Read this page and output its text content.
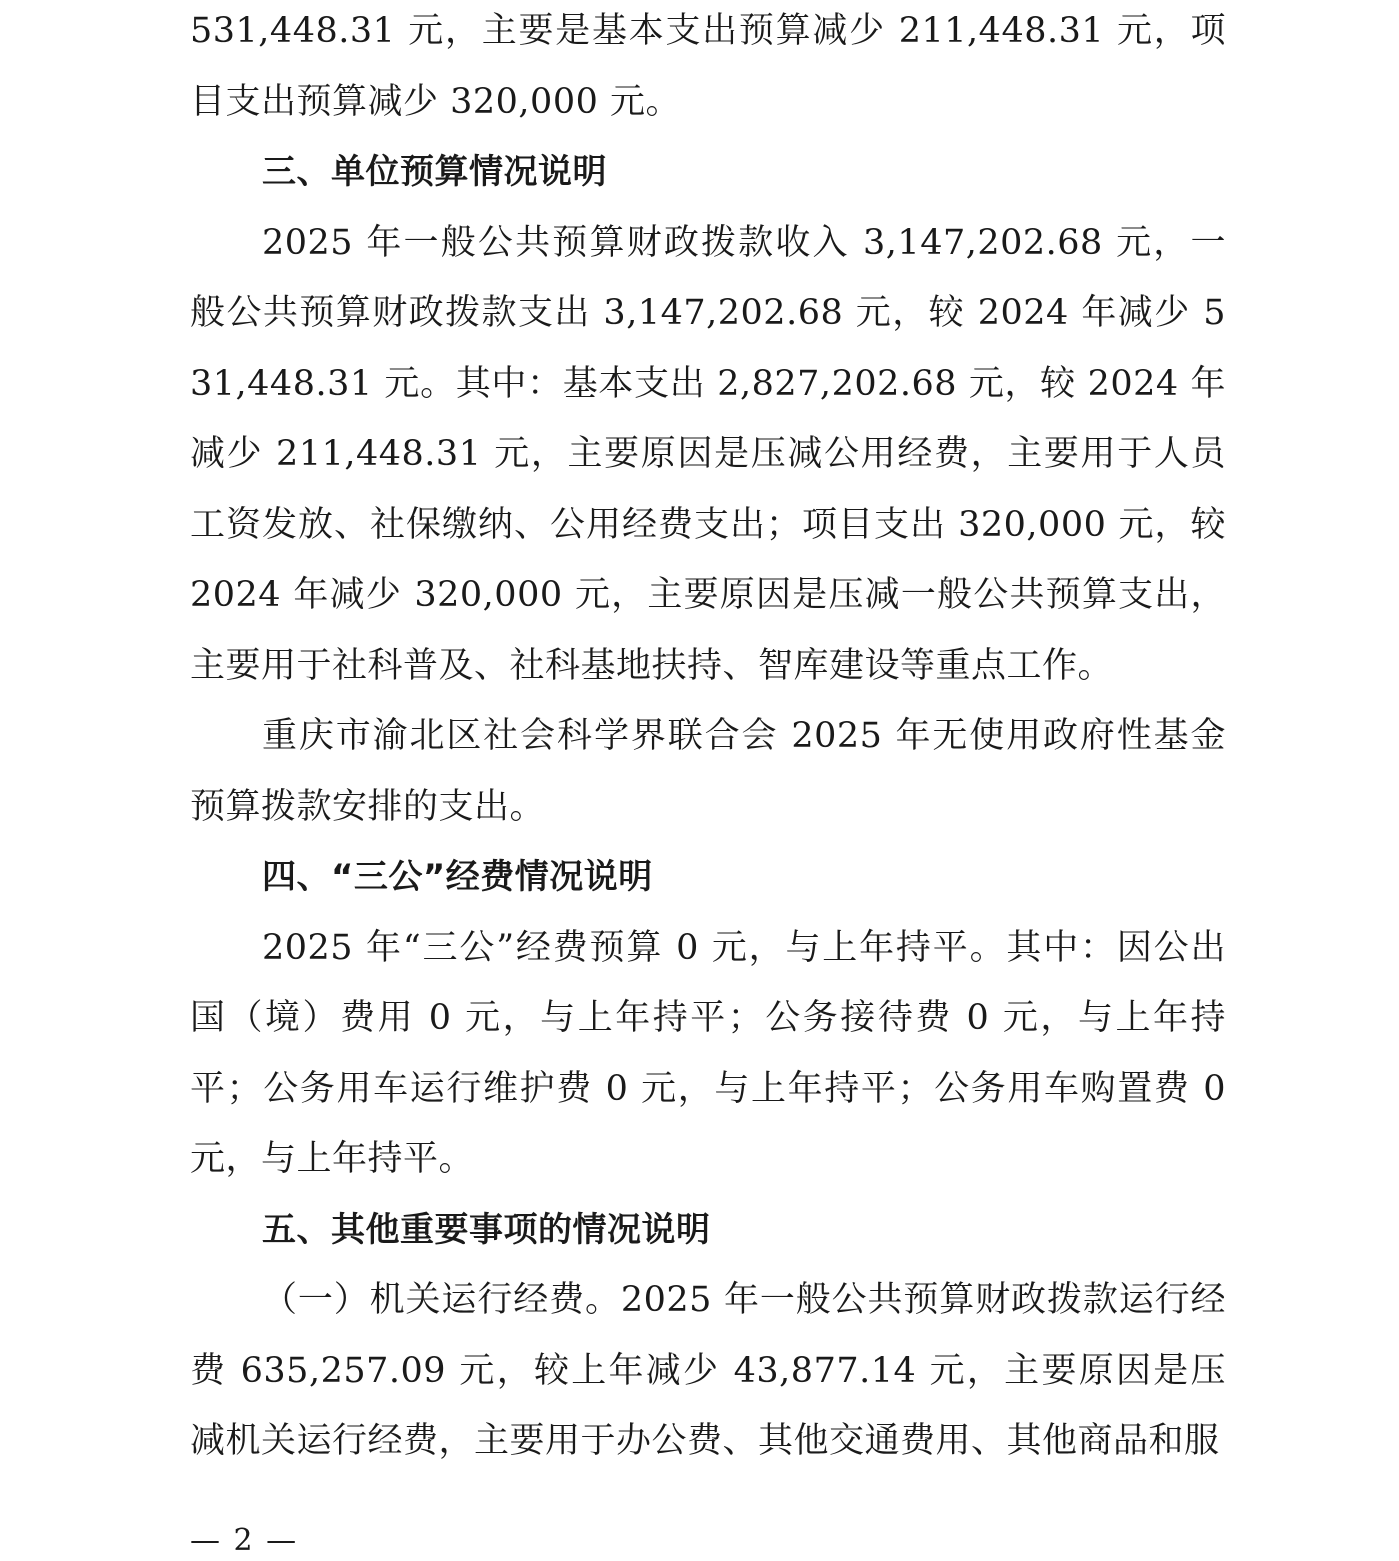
531,448.31 元，主要是基本支出预算减少 211,448.31 元，项目支出预算减少 320,000 元。

三、单位预算情况说明

2025 年一般公共预算财政拨款收入 3,147,202.68 元，一般公共预算财政拨款支出 3,147,202.68 元，较 2024 年减少 531,448.31 元。其中：基本支出 2,827,202.68 元，较 2024 年减少 211,448.31 元，主要原因是压减公用经费，主要用于人员工资发放、社保缴纳、公用经费支出；项目支出 320,000 元，较 2024 年减少 320,000 元，主要原因是压减一般公共预算支出，主要用于社科普及、社科基地扶持、智库建设等重点工作。

重庆市渝北区社会科学界联合会 2025 年无使用政府性基金预算拨款安排的支出。

四、“三公”经费情况说明

2025 年“三公”经费预算 0 元，与上年持平。其中：因公出国（境）费用 0 元，与上年持平；公务接待费 0 元，与上年持平；公务用车运行维护费 0 元，与上年持平；公务用车购置费 0 元，与上年持平。

五、其他重要事项的情况说明

（一）机关运行经费。2025 年一般公共预算财政拨款运行经费 635,257.09 元，较上年减少 43,877.14 元，主要原因是压减机关运行经费，主要用于办公费、其他交通费用、其他商品和服

— 2 —
